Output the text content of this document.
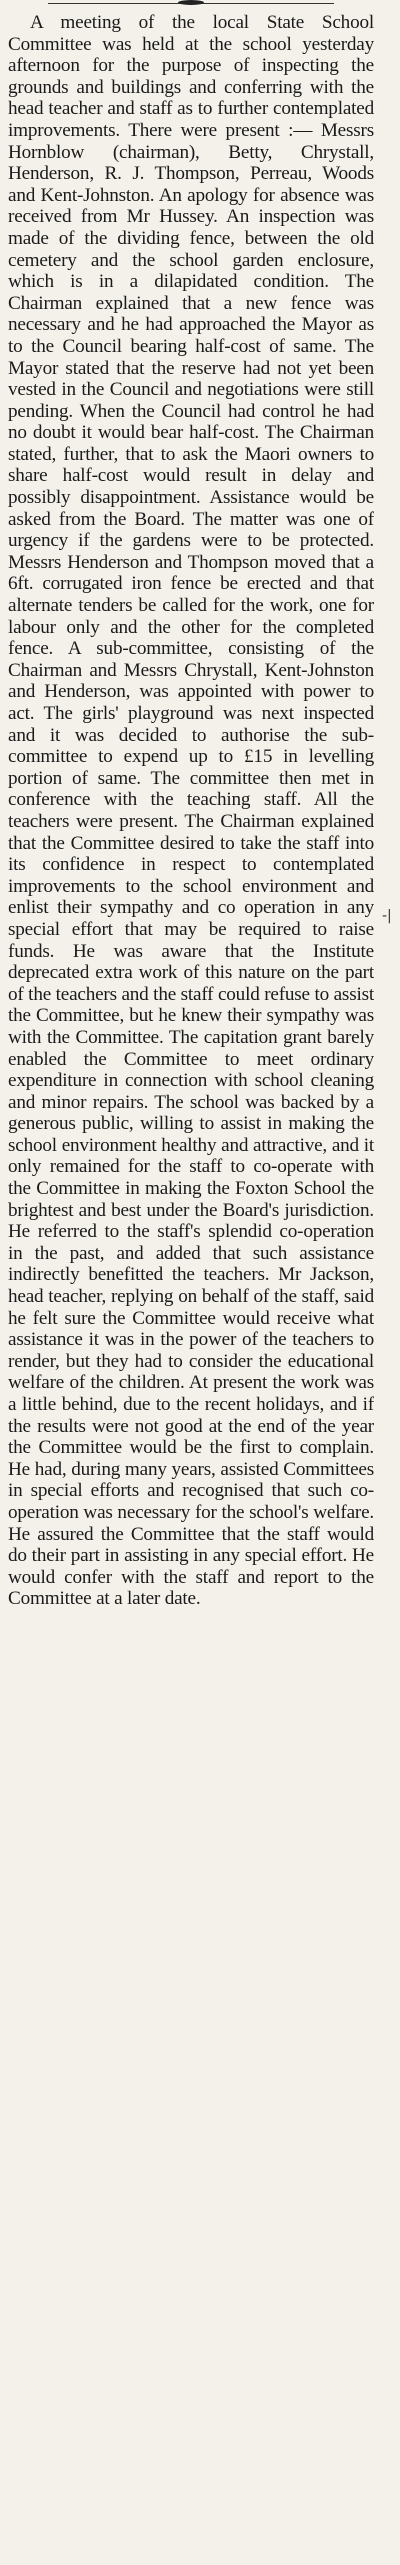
A meeting of the local State School Committee was held at the school yesterday afternoon for the purpose of inspecting the grounds and buildings and conferring with the head teacher and staff as to further contemplated improvements. There were present :— Messrs Hornblow (chairman), Betty, Chrystall, Henderson, R. J. Thompson, Perreau, Woods and Kent-Johnston. An apology for absence was received from Mr Hussey. An inspection was made of the dividing fence, between the old cemetery and the school garden enclosure, which is in a dilapidated condition. The Chairman explained that a new fence was necessary and he had approached the Mayor as to the Council bearing half-cost of same. The Mayor stated that the reserve had not yet been vested in the Council and negotiations were still pending. When the Council had control he had no doubt it would bear half-cost. The Chairman stated, further, that to ask the Maori owners to share half-cost would result in delay and possibly disappointment. Assistance would be asked from the Board. The matter was one of urgency if the gardens were to be protected. Messrs Henderson and Thompson moved that a 6ft. corrugated iron fence be erected and that alternate tenders be called for the work, one for labour only and the other for the completed fence. A sub-committee, consisting of the Chairman and Messrs Chrystall, Kent-Johnston and Henderson, was appointed with power to act. The girls' playground was next inspected and it was decided to authorise the sub-committee to expend up to £15 in levelling portion of same. The committee then met in conference with the teaching staff. All the teachers were present. The Chairman explained that the Committee desired to take the staff into its confidence in respect to contemplated improvements to the school environment and enlist their sympathy and co operation in any special effort that may be required to raise funds. He was aware that the Institute deprecated extra work of this nature on the part of the teachers and the staff could refuse to assist the Committee, but he knew their sympathy was with the Committee. The capitation grant barely enabled the Committee to meet ordinary expenditure in connection with school cleaning and minor repairs. The school was backed by a generous public, willing to assist in making the school environment healthy and attractive, and it only remained for the staff to co-operate with the Committee in making the Foxton School the brightest and best under the Board's jurisdiction. He referred to the staff's splendid co-operation in the past, and added that such assistance indirectly benefitted the teachers. Mr Jackson, head teacher, replying on behalf of the staff, said he felt sure the Committee would receive what assistance it was in the power of the teachers to render, but they had to consider the educational welfare of the children. At present the work was a little behind, due to the recent holidays, and if the results were not good at the end of the year the Committee would be the first to complain. He had, during many years, assisted Committees in special efforts and recognised that such co-operation was necessary for the school's welfare. He assured the Committee that the staff would do their part in assisting in any special effort. He would confer with the staff and report to the Committee at a later date.

-|
